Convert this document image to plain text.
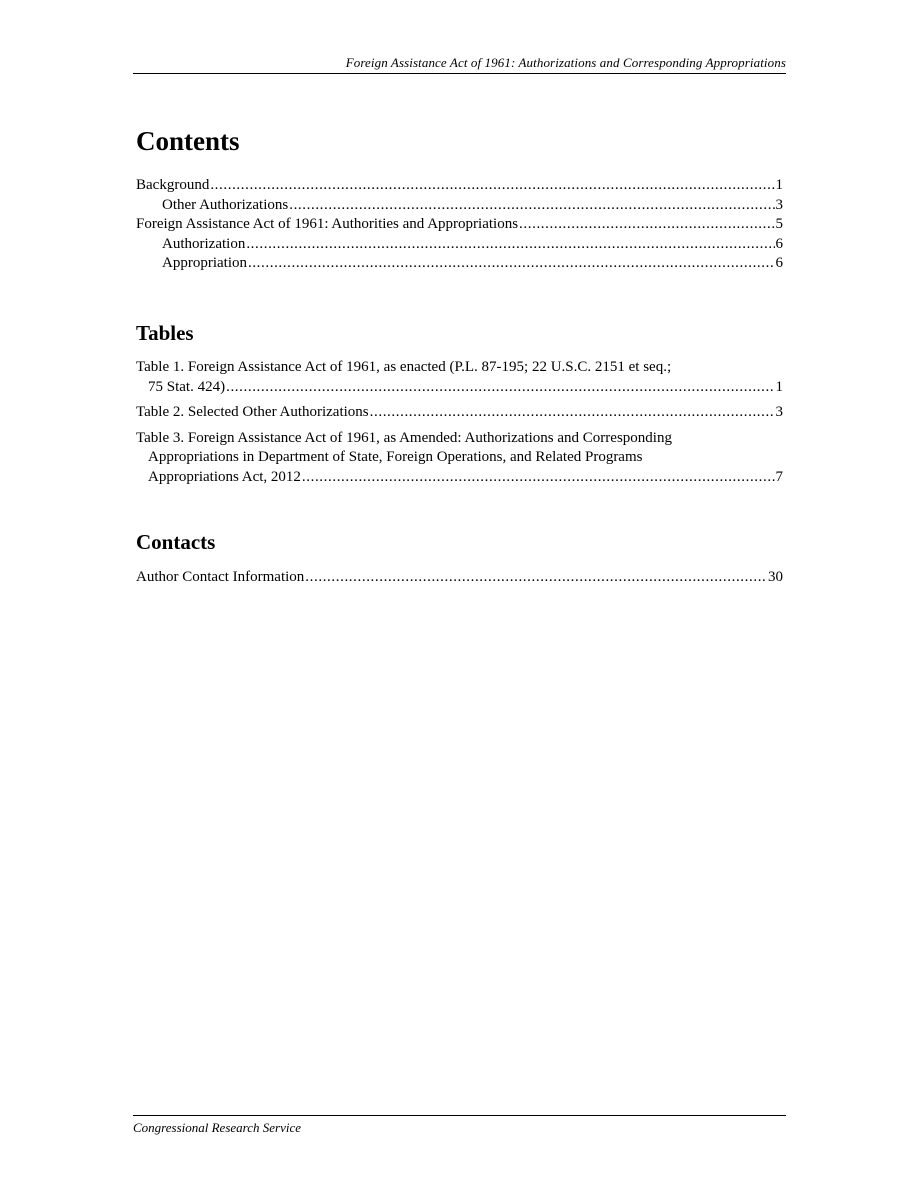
Foreign Assistance Act of 1961: Authorizations and Corresponding Appropriations
Contents
Background .....	1
Other Authorizations .....	3
Foreign Assistance Act of 1961: Authorities and Appropriations .....	5
Authorization .....	6
Appropriation .....	6
Tables
Table 1. Foreign Assistance Act of 1961, as enacted (P.L. 87-195; 22 U.S.C. 2151 et seq.;
75 Stat. 424) .....	1
Table 2. Selected Other Authorizations .....	3
Table 3. Foreign Assistance Act of 1961, as Amended: Authorizations and Corresponding
Appropriations in Department of State, Foreign Operations, and Related Programs
Appropriations Act, 2012 .....	7
Contacts
Author Contact Information .....	30
Congressional Research Service
